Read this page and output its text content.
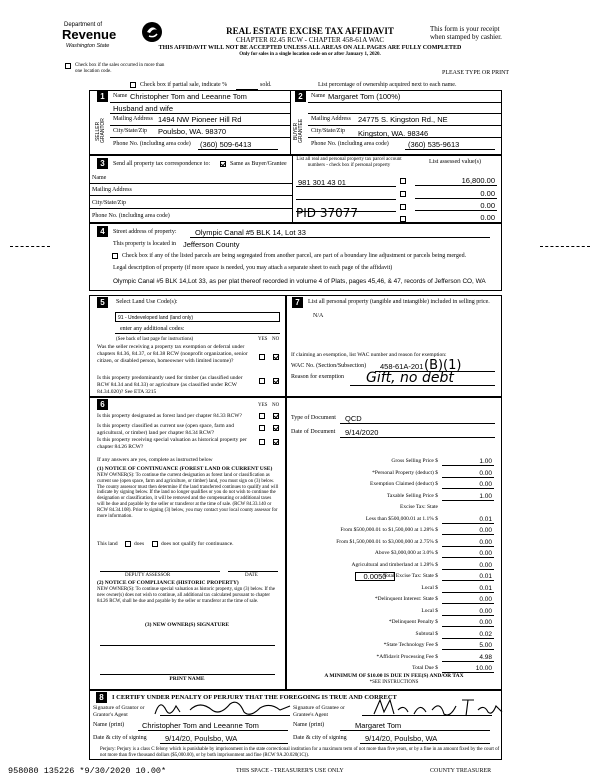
Department of
Revenue
Washington State
REAL ESTATE EXCISE TAX AFFIDAVIT
CHAPTER 82.45 RCW - CHAPTER 458-61A WAC
This form is your receipt
when stamped by cashier.
THIS AFFIDAVIT WILL NOT BE ACCEPTED UNLESS ALL AREAS ON ALL PAGES ARE FULLY COMPLETED
Only for sales in a single location code on or after January 1, 2020.
Check box if the sales occurred in more than one location code.	PLEASE TYPE OR PRINT
Check box if partial sale, indicate %	sold.	List percentage of ownership acquired next to each name.
1
SELLER GRANTOR
Name Christopher Tom and Leeanne Tom
Husband and wife
Mailing Address 1494 NW Pioneer Hill Rd
City/State/Zip Poulsbo, WA. 98370
Phone No. (including area code) (360) 509-6413
2
BUYER GRANTEE
Name Margaret Tom (100%)
Mailing Address 24775 S. Kingston Rd., NE
City/State/Zip Kingston, WA. 98346
Phone No. (including area code)	(360) 535-9613
3	Send all property tax correspondence to:	Same as Buyer/Grantee
List all real and personal property tax parcel account numbers - check box if personal property
List assessed value(s)
Name
Mailing Address
City/State/Zip
Phone No. (including area code)
981 301 43 01
PID 37077
16,800.00
0.00
0.00
0.00
4	Street address of property: Olympic Canal #5 BLK 14, Lot 33
This property is located in Jefferson County
Check box if any of the listed parcels are being segregated from another parcel, are part of a boundary line adjustment or parcels being merged.
Legal description of property (if more space is needed, you may attach a separate sheet to each page of the affidavit)
Olympic Canal #5 BLK 14,Lot 33, as per plat thereof recorded in volume 4 of Plats, pages 45,46, & 47, records of Jefferson CO, WA
5	Select Land Use Code(s):
91 - Undeveloped land (land only)
enter any additional codes:
(See back of last page for instructions)	YES NO
Was the seller receiving a property tax exemption or deferral under chapters 84.36, 84.37, or 84.38 RCW (nonprofit organization, senior citizen, or disabled person, homeowner with limited income)?
Is this property predominantly used for timber (as classified under RCW 84.34 and 84.33) or agriculture (as classified under RCW 84.34.020)? See ETA 3215
7	List all personal property (tangible and intangible) included in selling price.
N/A
If claiming an exemption, list WAC number and reason for exemption:
WAC No. (Section/Subsection) 458-61A-201 (B)(1)
Reason for exemption Gift, no debt
6	YES NO
Is this property designated as forest land per chapter 84.33 RCW?
Is this property classified as current use (open space, farm and agricultural, or timber) land per chapter 84.34 RCW?
Is this property receiving special valuation as historical property per chapter 84.26 RCW?
If any answers are yes, complete as instructed below
(1) NOTICE OF CONTINUANCE (FOREST LAND OR CURRENT USE)
NEW OWNER(S): To continue the current designation as forest land or classification as current use (open space, farm and agriculture, or timber) land, you must sign on (3) below. The county assessor must then determine if the land transferred continues to qualify and will indicate by signing below. If the land no longer qualifies or you do not wish to continue the designation or classification, it will be removed and the compensating or additional taxes will be due and payable by the seller or transferor at the time of sale. (RCW 84.33.140 or RCW 84.34.108). Prior to signing (3) below, you may contact your local county assessor for more information.
This land	does	does not qualify for continuance.
DEPUTY ASSESSOR	DATE
(2) NOTICE OF COMPLIANCE (HISTORIC PROPERTY)
NEW OWNER(S): To continue special valuation as historic property, sign (3) below. If the new owner(s) does not wish to continue, all additional tax calculated pursuant to chapter 84.26 RCW, shall be due and payable by the seller or transferor at the time of sale.
(3) NEW OWNER(S) SIGNATURE
PRINT NAME
Type of Document QCD
Date of Document 9/14/2020
Gross Selling Price $	1.00
*Personal Property (deduct) $	0.00
Exemption Claimed (deduct) $	0.00
Taxable Selling Price $	1.00
Excise Tax: State
Less than $500,000.01 at 1.1% $	0.01
From $500,000.01 to $1,500,000 at 1.28% $	0.00
From $1,500,000.01 to $3,000,000 at 2.75% $	0.00
Above $3,000,000 at 3.0% $	0.00
Agricultural and timberland at 1.28% $	0.00
Total Excise Tax: State $	0.01
Local $	0.01
*Delinquent Interest: State $	0.00
Local $	0.00
*Delinquent Penalty $	0.00
Subtotal $	0.02
*State Technology Fee $	5.00
*Affidavit Processing Fee $	4.98
Total Due $	10.00
0.0050
A MINIMUM OF $10.00 IS DUE IN FEE(S) AND/OR TAX
*SEE INSTRUCTIONS
8	I CERTIFY UNDER PENALTY OF PERJURY THAT THE FOREGOING IS TRUE AND CORRECT
Signature of Grantor or Grantor's Agent
Signature of Grantee or Grantee's Agent
Name (print) Christopher Tom and Leeanne Tom	Name (print)	Margaret Tom
Date & city of signing 9/14/20, Poulsbo, WA	Date & city of signing 9/14/20, Poulsbo, WA
Perjury: Perjury is a class C felony which is punishable by imprisonment in the state correctional institution for a maximum term of not more than five years, or by a fine in an amount fixed by the court of not more than five thousand dollars ($5,000.00), or by both imprisonment and fine (RCW 9A.20.020(1C)).
958080 135226 *9/30/2020 10.00*	THIS SPACE - TREASURER'S USE ONLY	COUNTY TREASURER
